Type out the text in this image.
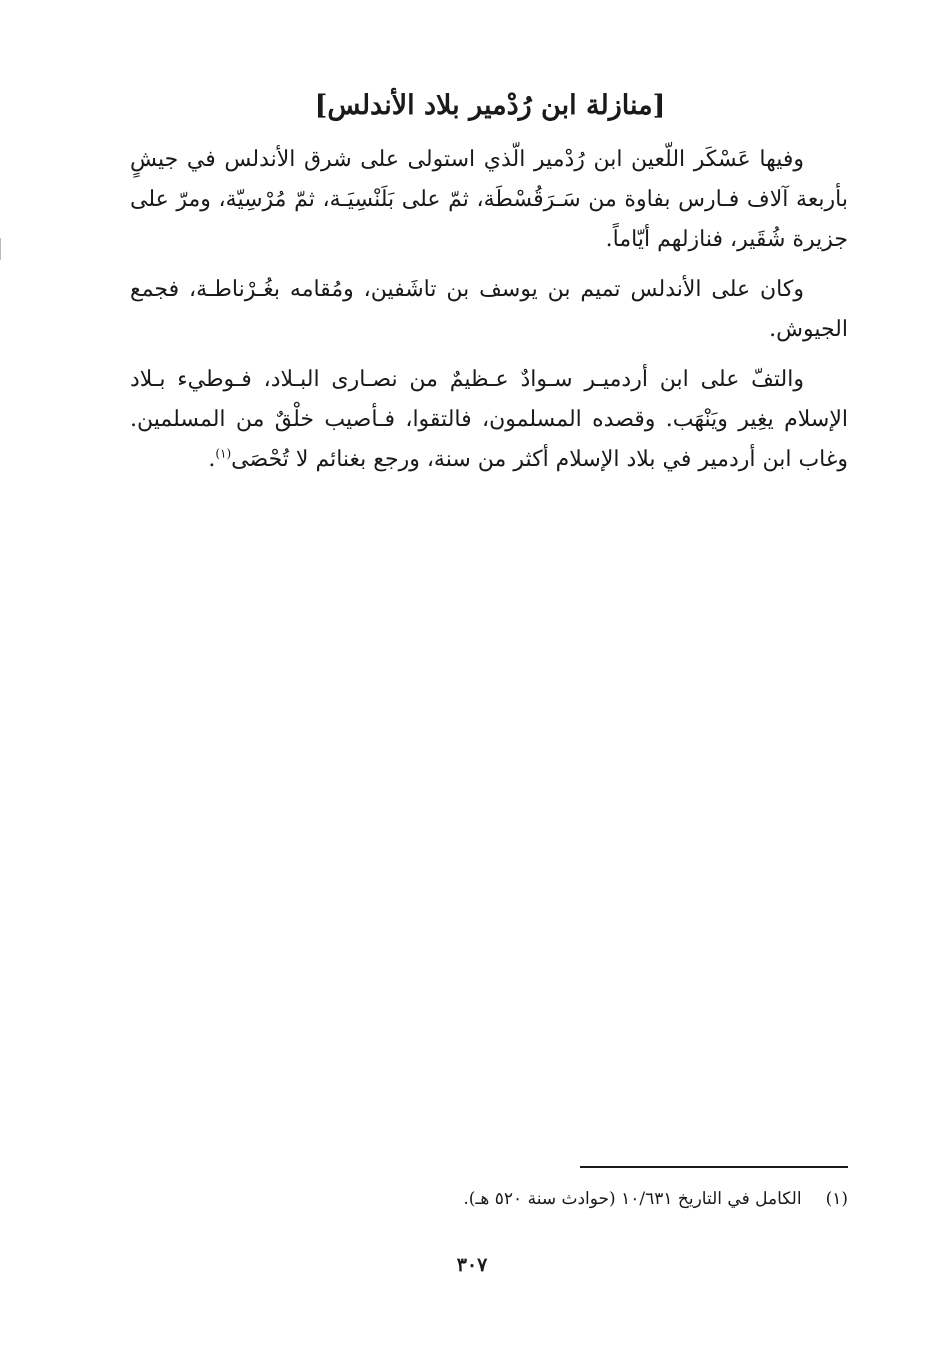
[منازلة ابن رُدْمير بلاد الأندلس]

وفيها عَسْكَر اللّعين ابن رُدْمير الّذي استولى على شرق الأندلس في جيشٍ بأربعة آلاف فـارس بفاوة من سَـرَقُسْطَة، ثمّ على بَلَنْسِيَـة، ثمّ مُرْسِيّة، ومرّ على جزيرة شُقَير، فنازلهم أيّاماً.

وكان على الأندلس تميم بن يوسف بن تاشَفين، ومُقامه بغُـرْناطـة، فجمع الجيوش.

والتفّ على ابن أردميـر سـوادٌ عـظيمٌ من نصـارى البـلاد، فـوطيء بـلاد الإسلام يغِير ويَنْهَب. وقصده المسلمون، فالتقوا، فـأصيب خلْقٌ من المسلمين. وغاب ابن أردمير في بلاد الإسلام أكثر من سنة، ورجع بغنائم لا تُحْصَى$^{(١)}$.

(١)الكامل في التاريخ ١٠/٦٣١ (حوادث سنة ٥٢٠ هـ).
٣٠٧
